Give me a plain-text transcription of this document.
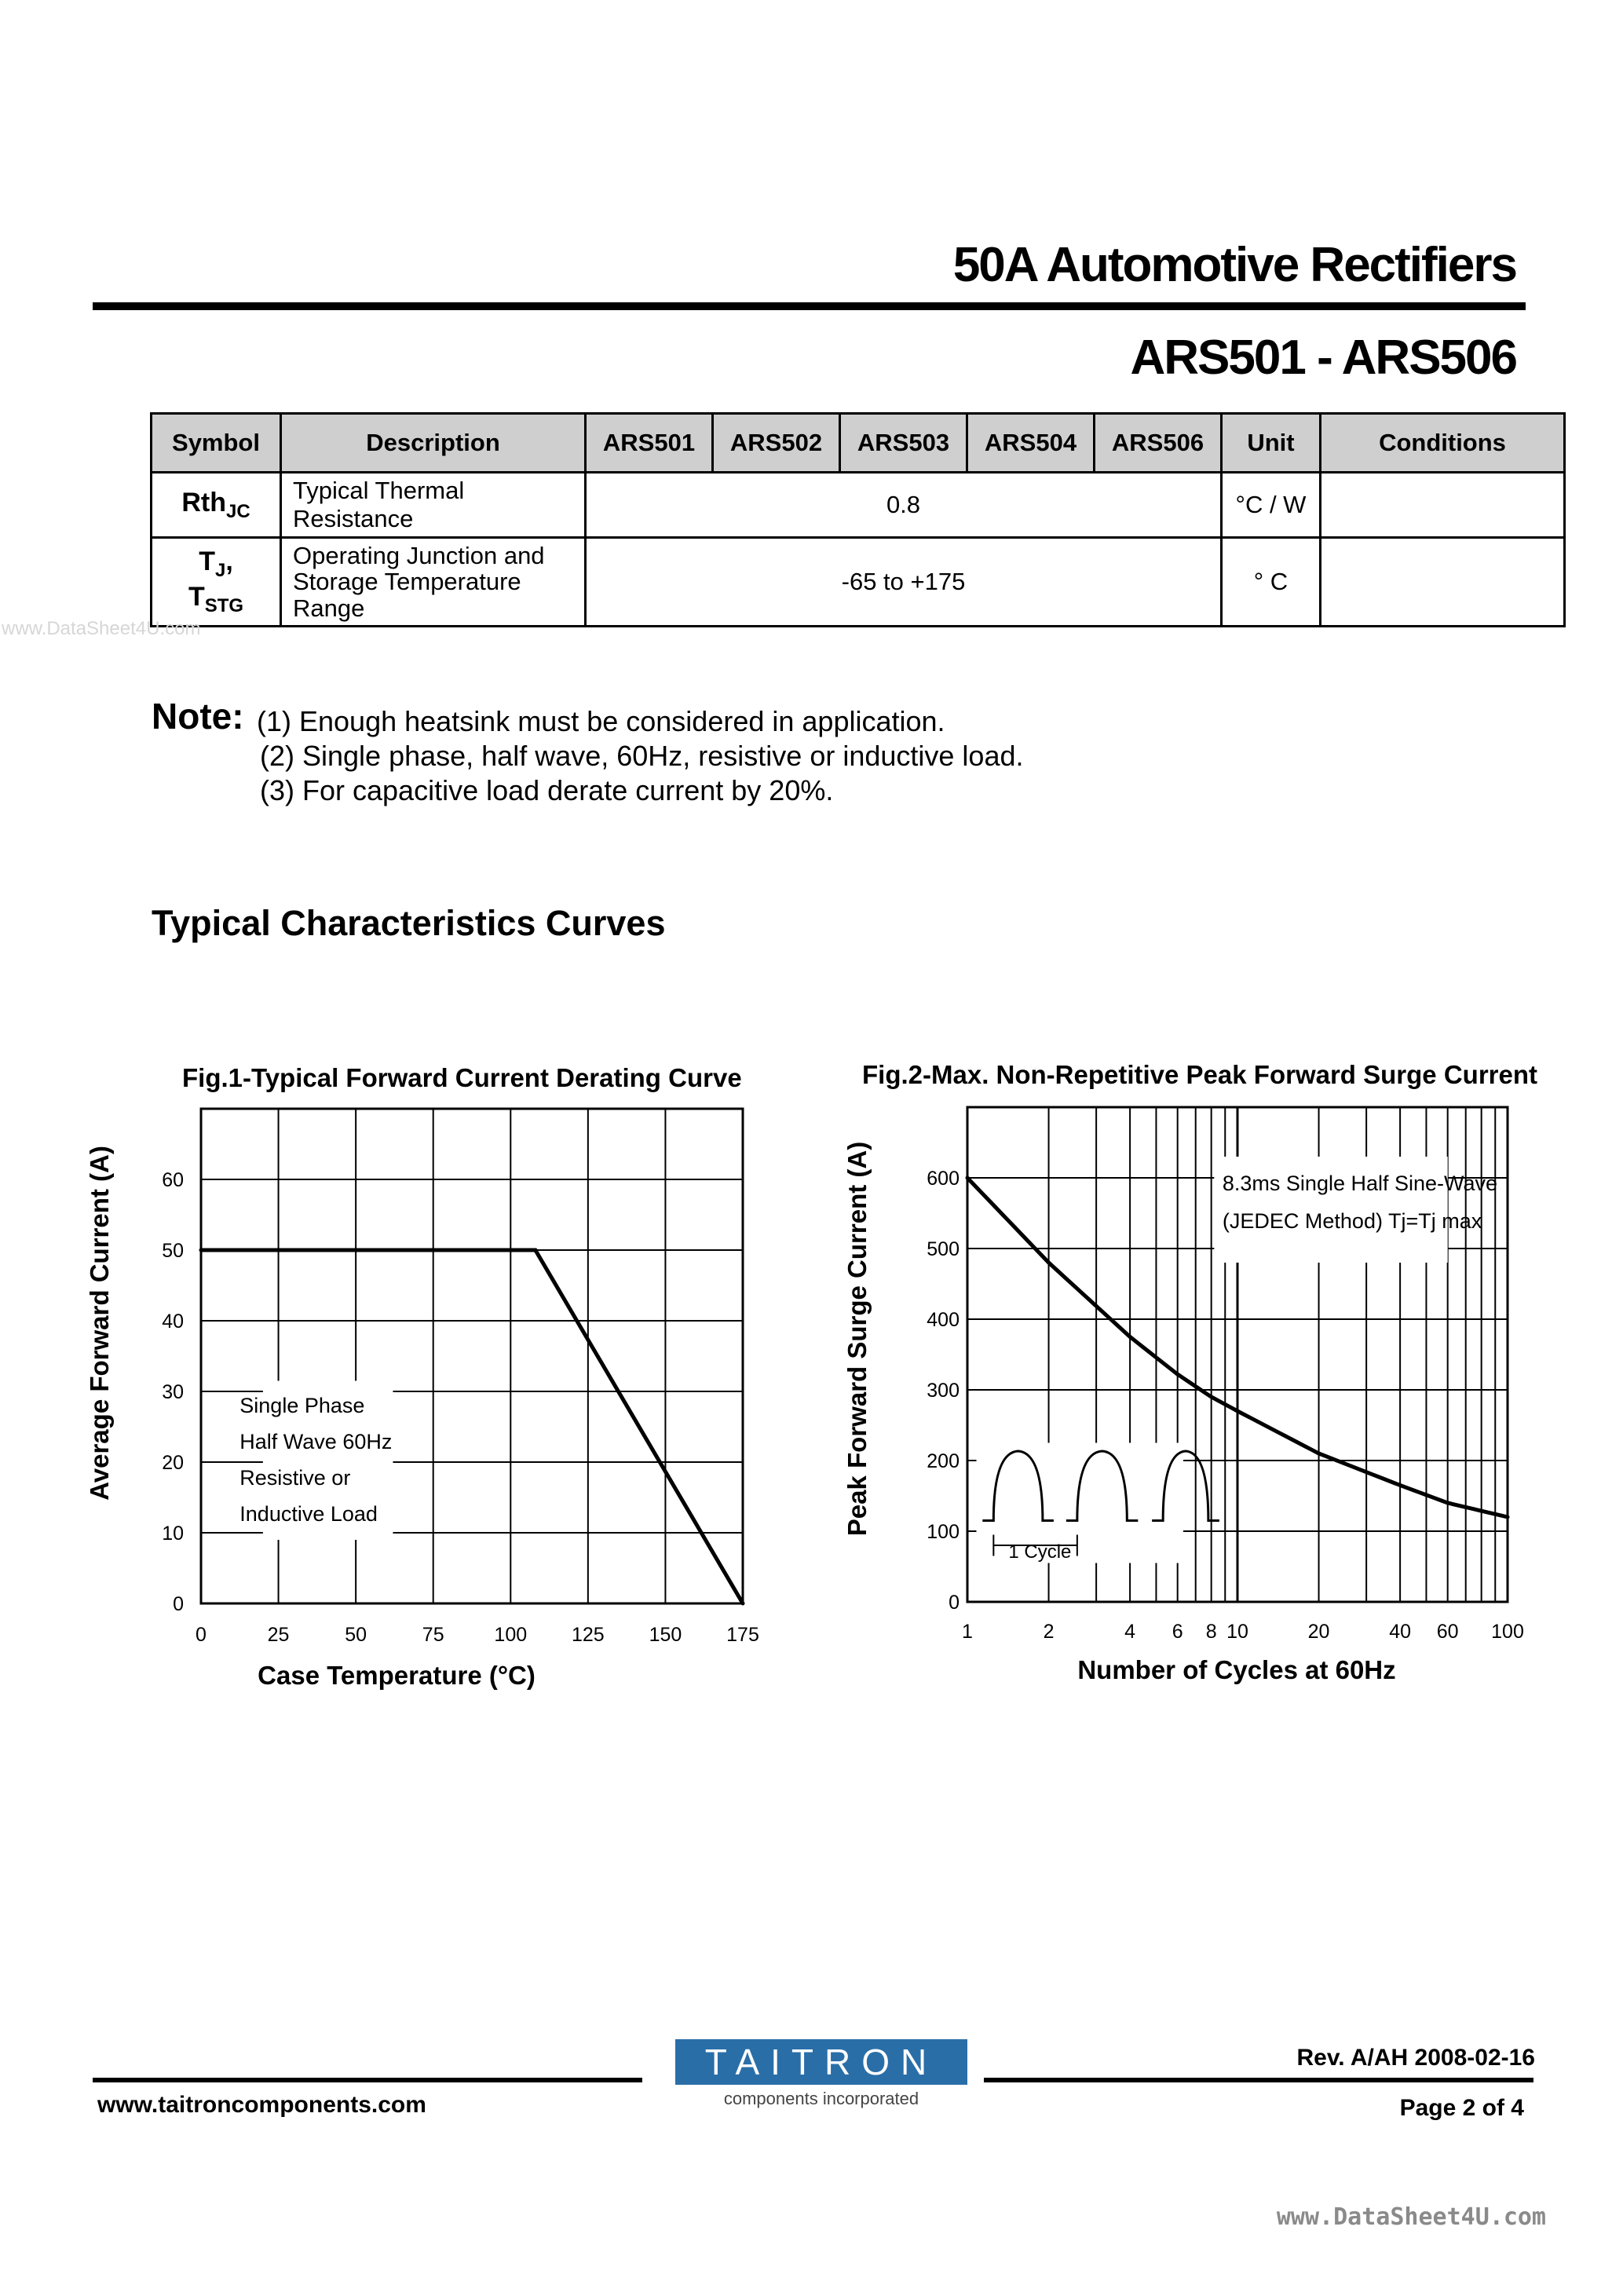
50A Automotive Rectifiers
ARS501 - ARS506
Symbol	Description	ARS501	ARS502	ARS503	ARS504	ARS506	Unit	Conditions
Rth$_{JC}$	Typical Thermal Resistance	0.8					°C / W	

$T_J$,
$T_{STG}$	Operating Junction and Storage Temperature Range	-65 to +175					° C	
www.DataSheet4U.com
Note: (1) Enough heatsink must be considered in application.
(2) Single phase, half wave, 60Hz, resistive or inductive load.
(3) For capacitive load derate current by 20%.
Typical Characteristics Curves
Fig.1-Typical Forward Current Derating Curve
Average Forward Current (A)
Case Temperature (°C)
0	25	50	75	100 125 150 175
0
10
20
30
40
50
60
Single Phase
Half Wave 60Hz
Resistive or
Inductive Load
Fig.2-Max. Non-Repetitive Peak Forward Surge Current
Peak Forward Surge Current (A)
Number of Cycles at 60Hz
1	2	4 6 8 10	20	40 60 100
0
100
200
300
400
500
600	8.3ms Single Half Sine-Wave
(JEDEC Method) Tj=Tj max
1 Cycle
TAITRON
components incorporated
www.taitroncomponents.com
Rev. A/AH 2008-02-16
Page 2 of 4
www.DataSheet4U.com
